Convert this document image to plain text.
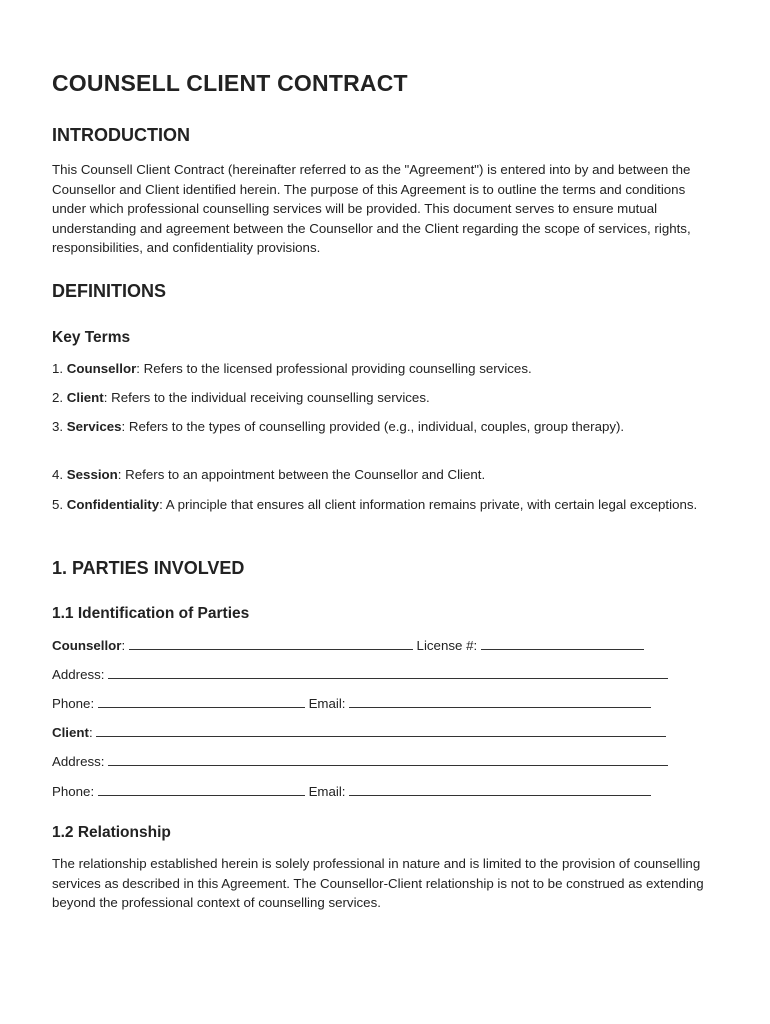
COUNSELL CLIENT CONTRACT
INTRODUCTION

This Counsell Client Contract (hereinafter referred to as the "Agreement") is entered into by and between the Counsellor and Client identified herein. The purpose of this Agreement is to outline the terms and conditions under which professional counselling services will be provided. This document serves to ensure mutual understanding and agreement between the Counsellor and the Client regarding the scope of services, rights, responsibilities, and confidentiality provisions.

DEFINITIONS
Key Terms

1. Counsellor: Refers to the licensed professional providing counselling services.

2. Client: Refers to the individual receiving counselling services.

3. Services: Refers to the types of counselling provided (e.g., individual, couples, group therapy).

4. Session: Refers to an appointment between the Counsellor and Client.

5. Confidentiality: A principle that ensures all client information remains private, with certain legal exceptions.

1. PARTIES INVOLVED
1.1 Identification of Parties

Counsellor:	License #:

Address:

Phone:	Email:

Client:

Address:

Phone:	Email:

1.2 Relationship

The relationship established herein is solely professional in nature and is limited to the provision of counselling services as described in this Agreement. The Counsellor-Client relationship is not to be construed as extending beyond the professional context of counselling services.
